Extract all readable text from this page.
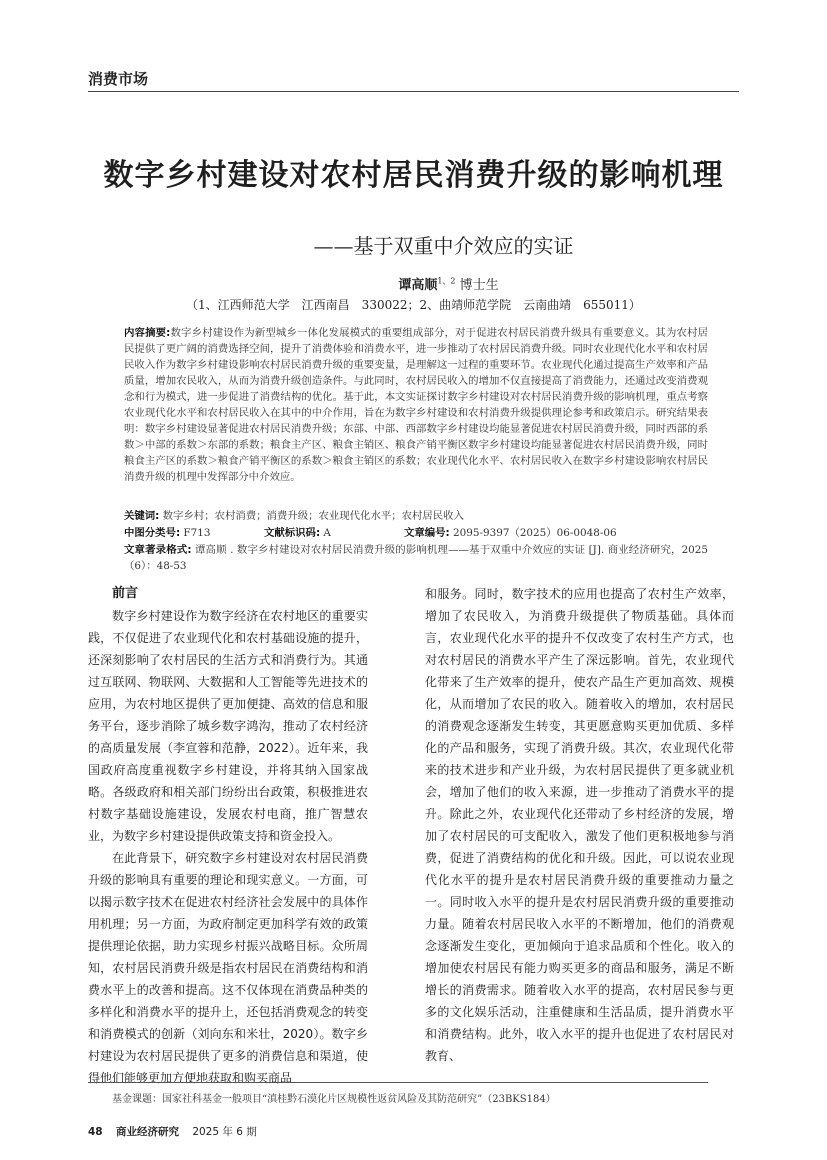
消费市场
数字乡村建设对农村居民消费升级的影响机理
——基于双重中介效应的实证
谭高顺$^{1、2}$ 博士生
（1、江西师范大学　江西南昌　330022；2、曲靖师范学院　云南曲靖　655011）
内容摘要:数字乡村建设作为新型城乡一体化发展模式的重要组成部分，对于促进农村居民消费升级具有重要意义。其为农村居民提供了更广阔的消费选择空间，提升了消费体验和消费水平，进一步推动了农村居民消费升级。同时农业现代化水平和农村居民收入作为数字乡村建设影响农村居民消费升级的重要变量，是理解这一过程的重要环节。农业现代化通过提高生产效率和产品质量，增加农民收入，从而为消费升级创造条件。与此同时，农村居民收入的增加不仅直接提高了消费能力，还通过改变消费观念和行为模式，进一步促进了消费结构的优化。基于此，本文实证探讨数字乡村建设对农村居民消费升级的影响机理，重点考察农业现代化水平和农村居民收入在其中的中介作用，旨在为数字乡村建设和农村消费升级提供理论参考和政策启示。研究结果表明：数字乡村建设显著促进农村居民消费升级；东部、中部、西部数字乡村建设均能显著促进农村居民消费升级，同时西部的系数＞中部的系数＞东部的系数；粮食主产区、粮食主销区、粮食产销平衡区数字乡村建设均能显著促进农村居民消费升级，同时粮食主产区的系数＞粮食产销平衡区的系数＞粮食主销区的系数；农业现代化水平、农村居民收入在数字乡村建设影响农村居民消费升级的机理中发挥部分中介效应。
关键词: 数字乡村；农村消费；消费升级；农业现代化水平；农村居民收入
中图分类号: F713	文献标识码: A	文章编号: 2095-9397（2025）06-0048-06
文章著录格式: 谭高顺 . 数字乡村建设对农村居民消费升级的影响机理——基于双重中介效应的实证 [J]. 商业经济研究，2025（6）：48-53
前言

数字乡村建设作为数字经济在农村地区的重要实践，不仅促进了农业现代化和农村基础设施的提升，还深刻影响了农村居民的生活方式和消费行为。其通过互联网、物联网、大数据和人工智能等先进技术的应用，为农村地区提供了更加便捷、高效的信息和服务平台，逐步消除了城乡数字鸿沟，推动了农村经济的高质量发展（李宣蓉和范静，2022）。近年来，我国政府高度重视数字乡村建设，并将其纳入国家战略。各级政府和相关部门纷纷出台政策，积极推进农村数字基础设施建设，发展农村电商，推广智慧农业，为数字乡村建设提供政策支持和资金投入。

在此背景下，研究数字乡村建设对农村居民消费升级的影响具有重要的理论和现实意义。一方面，可以揭示数字技术在促进农村经济社会发展中的具体作用机理；另一方面，为政府制定更加科学有效的政策提供理论依据，助力实现乡村振兴战略目标。众所周知，农村居民消费升级是指农村居民在消费结构和消费水平上的改善和提高。这不仅体现在消费品种类的多样化和消费水平的提升上，还包括消费观念的转变和消费模式的创新（刘向东和米壮，2020）。数字乡村建设为农村居民提供了更多的消费信息和渠道，使得他们能够更加方便地获取和购买商品

和服务。同时，数字技术的应用也提高了农村生产效率，增加了农民收入，为消费升级提供了物质基础。具体而言，农业现代化水平的提升不仅改变了农村生产方式，也对农村居民的消费水平产生了深远影响。首先，农业现代化带来了生产效率的提升，使农产品生产更加高效、规模化，从而增加了农民的收入。随着收入的增加，农村居民的消费观念逐渐发生转变，其更愿意购买更加优质、多样化的产品和服务，实现了消费升级。其次，农业现代化带来的技术进步和产业升级，为农村居民提供了更多就业机会，增加了他们的收入来源，进一步推动了消费水平的提升。除此之外，农业现代化还带动了乡村经济的发展，增加了农村居民的可支配收入，激发了他们更积极地参与消费，促进了消费结构的优化和升级。因此，可以说农业现代化水平的提升是农村居民消费升级的重要推动力量之一。同时收入水平的提升是农村居民消费升级的重要推动力量。随着农村居民收入水平的不断增加，他们的消费观念逐渐发生变化，更加倾向于追求品质和个性化。收入的增加使农村居民有能力购买更多的商品和服务，满足不断增长的消费需求。随着收入水平的提高，农村居民参与更多的文化娱乐活动，注重健康和生活品质，提升消费水平和消费结构。此外，收入水平的提升也促进了农村居民对教育、

基金课题：国家社科基金一般项目“滇桂黔石漠化片区规模性返贫风险及其防范研究”（23BKS184）
48 商业经济研究 2025 年 6 期
